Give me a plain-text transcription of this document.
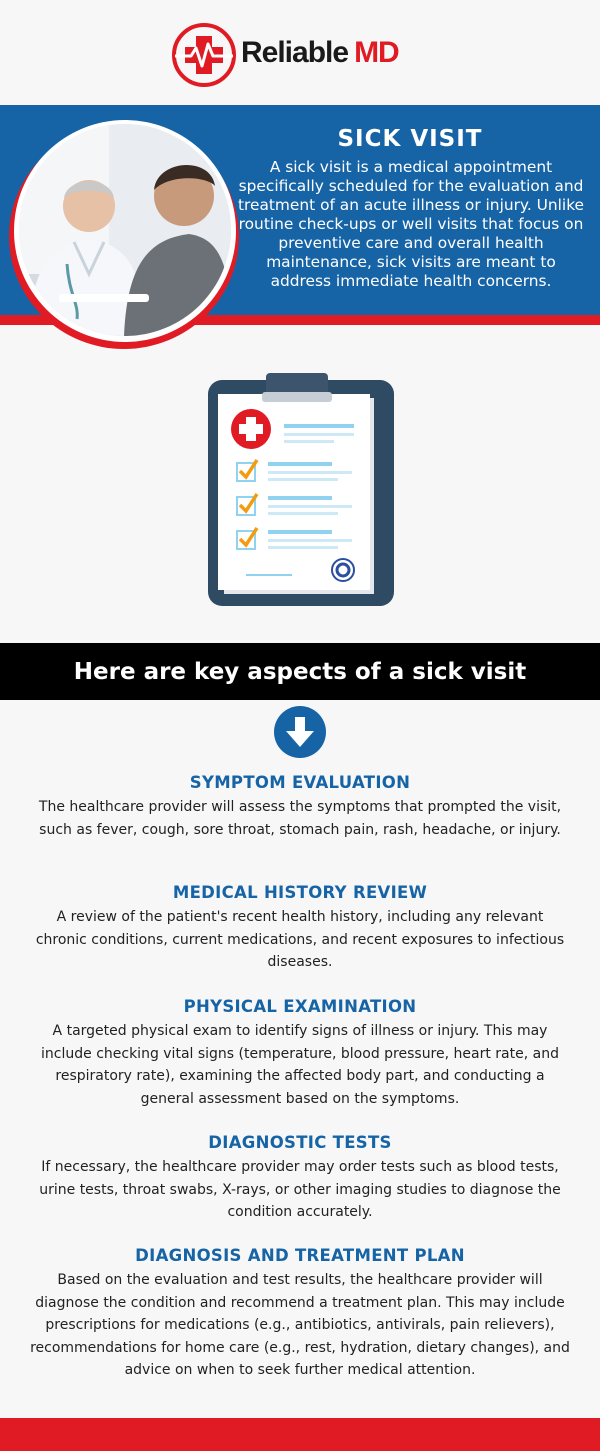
Reliable MD
SICK VISIT
A sick visit is a medical appointment specifically scheduled for the evaluation and treatment of an acute illness or injury. Unlike routine check-ups or well visits that focus on preventive care and overall health maintenance, sick visits are meant to address immediate health concerns.
Here are key aspects of a sick visit
SYMPTOM EVALUATION
The healthcare provider will assess the symptoms that prompted the visit, such as fever, cough, sore throat, stomach pain, rash, headache, or injury.
MEDICAL HISTORY REVIEW
A review of the patient's recent health history, including any relevant chronic conditions, current medications, and recent exposures to infectious diseases.
PHYSICAL EXAMINATION
A targeted physical exam to identify signs of illness or injury. This may include checking vital signs (temperature, blood pressure, heart rate, and respiratory rate), examining the affected body part, and conducting a general assessment based on the symptoms.
DIAGNOSTIC TESTS
If necessary, the healthcare provider may order tests such as blood tests, urine tests, throat swabs, X-rays, or other imaging studies to diagnose the condition accurately.
DIAGNOSIS AND TREATMENT PLAN
Based on the evaluation and test results, the healthcare provider will diagnose the condition and recommend a treatment plan. This may include prescriptions for medications (e.g., antibiotics, antivirals, pain relievers), recommendations for home care (e.g., rest, hydration, dietary changes), and advice on when to seek further medical attention.
